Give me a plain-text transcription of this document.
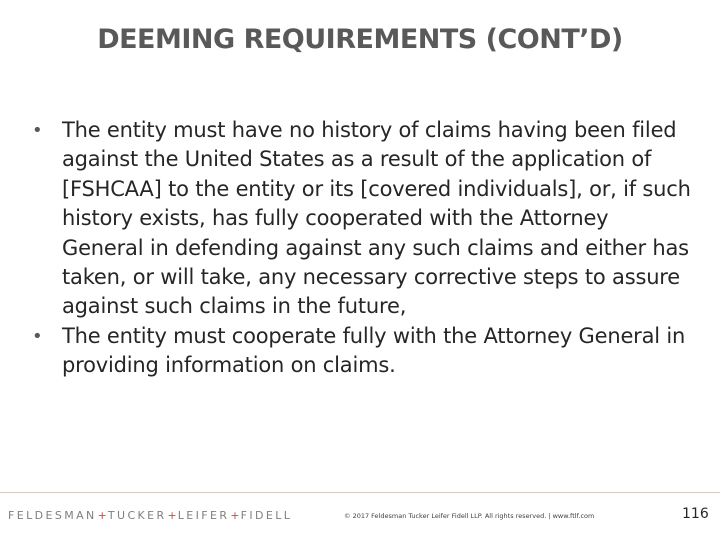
DEEMING REQUIREMENTS (CONT’D)
• The entity must have no history of claims having been filed against the United States as a result of the application of [FSHCAA] to the entity or its [covered individuals], or, if such history exists, has fully cooperated with the Attorney General in defending against any such claims and either has taken, or will take, any necessary corrective steps to assure against such claims in the future,
• The entity must cooperate fully with the Attorney General in providing information on claims.
FELDESMAN+TUCKER+LEIFER+FIDELL	© 2017 Feldesman Tucker Leifer Fidell LLP. All rights reserved. | www.ftlf.com	116
